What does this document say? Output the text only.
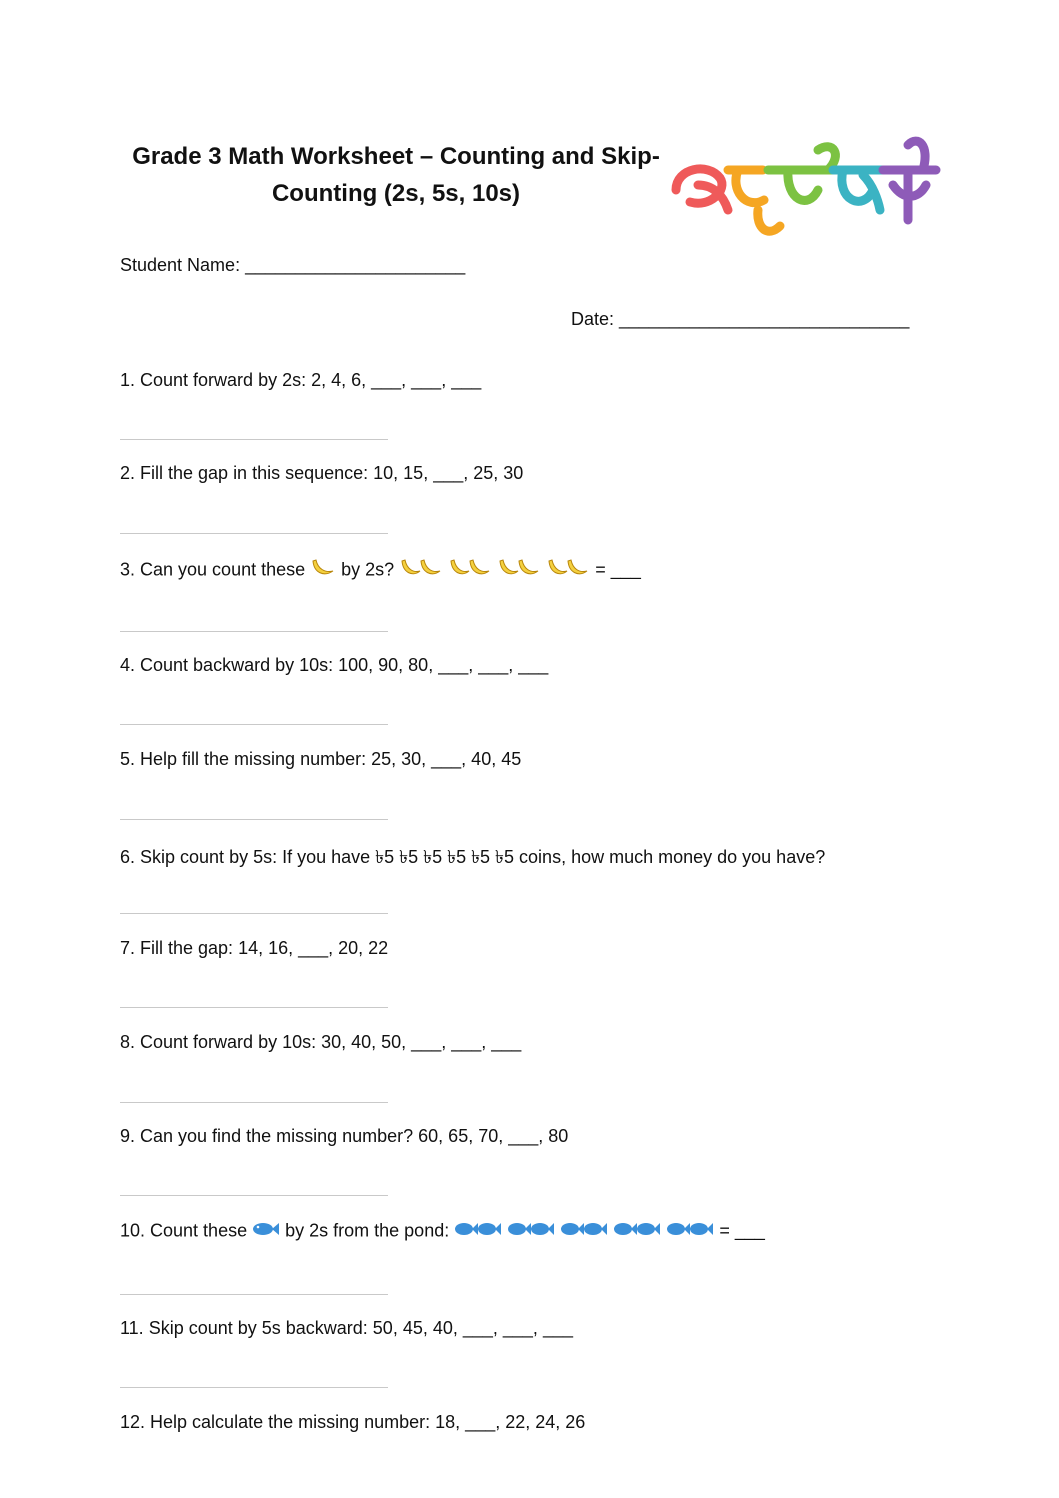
Grade 3 Math Worksheet – Counting and Skip-Counting (2s, 5s, 10s)
Student Name: ______________________
Date: _____________________________
1. Count forward by 2s: 2, 4, 6, ___, ___, ___
2. Fill the gap in this sequence: 10, 15, ___, 25, 30
3. Can you count these by 2s?	= ___
4. Count backward by 10s: 100, 90, 80, ___, ___, ___
5. Help fill the missing number: 25, 30, ___, 40, 45
6. Skip count by 5s: If you have ৳5 ৳5 ৳5 ৳5 ৳5 ৳5 coins, how much money do you have?
7. Fill the gap: 14, 16, ___, 20, 22
8. Count forward by 10s: 30, 40, 50, ___, ___, ___
9. Can you find the missing number? 60, 65, 70, ___, 80
10. Count these by 2s from the pond:	= ___
11. Skip count by 5s backward: 50, 45, 40, ___, ___, ___
12. Help calculate the missing number: 18, ___, 22, 24, 26
